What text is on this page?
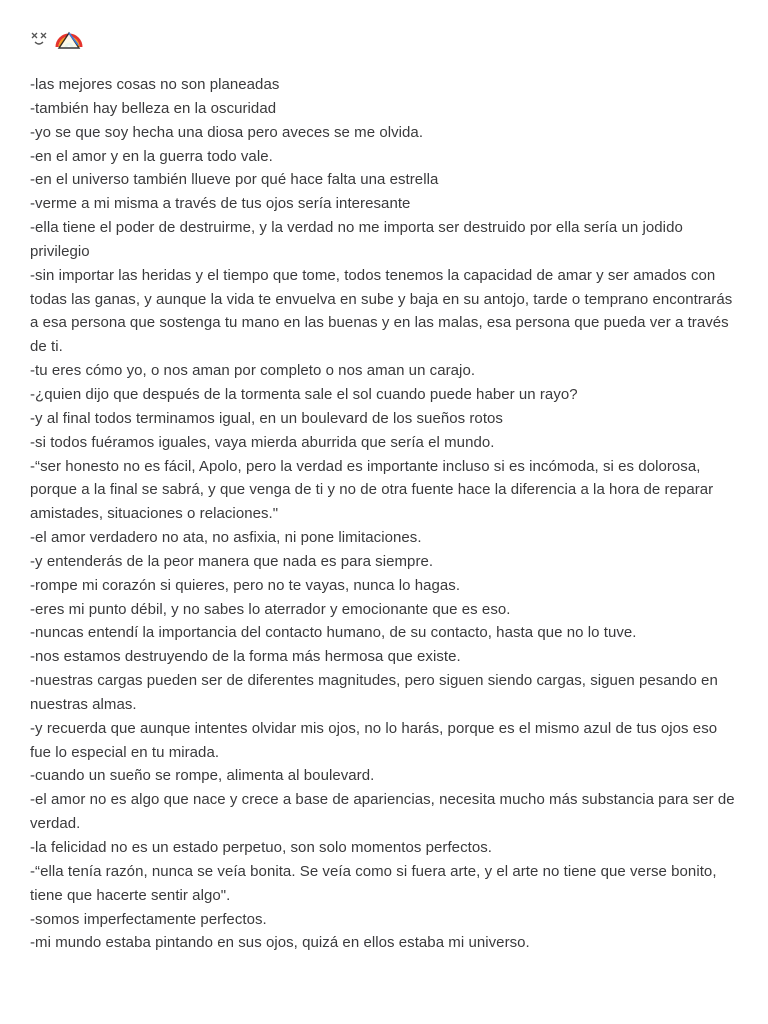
-las mejores cosas no son planeadas
-también hay belleza en la oscuridad
-yo se que soy hecha una diosa pero aveces se me olvida.
-en el amor y en la guerra todo vale.
-en el universo también llueve por qué hace falta una estrella
-verme a mi misma a través de tus ojos sería interesante
-ella tiene el poder de destruirme, y la verdad no me importa ser destruido por ella sería un jodido privilegio
-sin importar las heridas y el tiempo que tome, todos tenemos la capacidad de amar y ser amados con todas las ganas, y aunque la vida te envuelva en sube y baja en su antojo, tarde o temprano encontrarás a esa persona que sostenga tu mano en las buenas y en las malas, esa persona que pueda ver a través de ti.
-tu eres cómo yo, o nos aman por completo o nos aman un carajo.
-¿quien dijo que después de la tormenta sale el sol cuando puede haber un rayo?
-y al final todos terminamos igual, en un boulevard de los sueños rotos
-si todos fuéramos iguales, vaya mierda aburrida que sería el mundo.
-“ser honesto no es fácil, Apolo, pero la verdad es importante incluso si es incómoda, si es dolorosa, porque a la final se sabrá, y que venga de ti y no de otra fuente hace la diferencia a la hora de reparar amistades, situaciones o relaciones."
-el amor verdadero no ata, no asfixia, ni pone limitaciones.
-y entenderás de la peor manera que nada es para siempre.
-rompe mi corazón si quieres, pero no te vayas, nunca lo hagas.
-eres mi punto débil, y no sabes lo aterrador y emocionante que es eso.
-nuncas entendí la importancia del contacto humano, de su contacto, hasta que no lo tuve.
-nos estamos destruyendo de la forma más hermosa que existe.
-nuestras cargas pueden ser de diferentes magnitudes, pero siguen siendo cargas, siguen pesando en nuestras almas.
-y recuerda que aunque intentes olvidar mis ojos, no lo harás, porque es el mismo azul de tus ojos eso fue lo especial en tu mirada.
-cuando un sueño se rompe, alimenta al boulevard.
-el amor no es algo que nace y crece a base de apariencias, necesita mucho más substancia para ser de verdad.
-la felicidad no es un estado perpetuo, son solo momentos perfectos.
-“ella tenía razón, nunca se veía bonita. Se veía como si fuera arte, y el arte no tiene que verse bonito, tiene que hacerte sentir algo".
-somos imperfectamente perfectos.
-mi mundo estaba pintando en sus ojos, quizá en ellos estaba mi universo.
